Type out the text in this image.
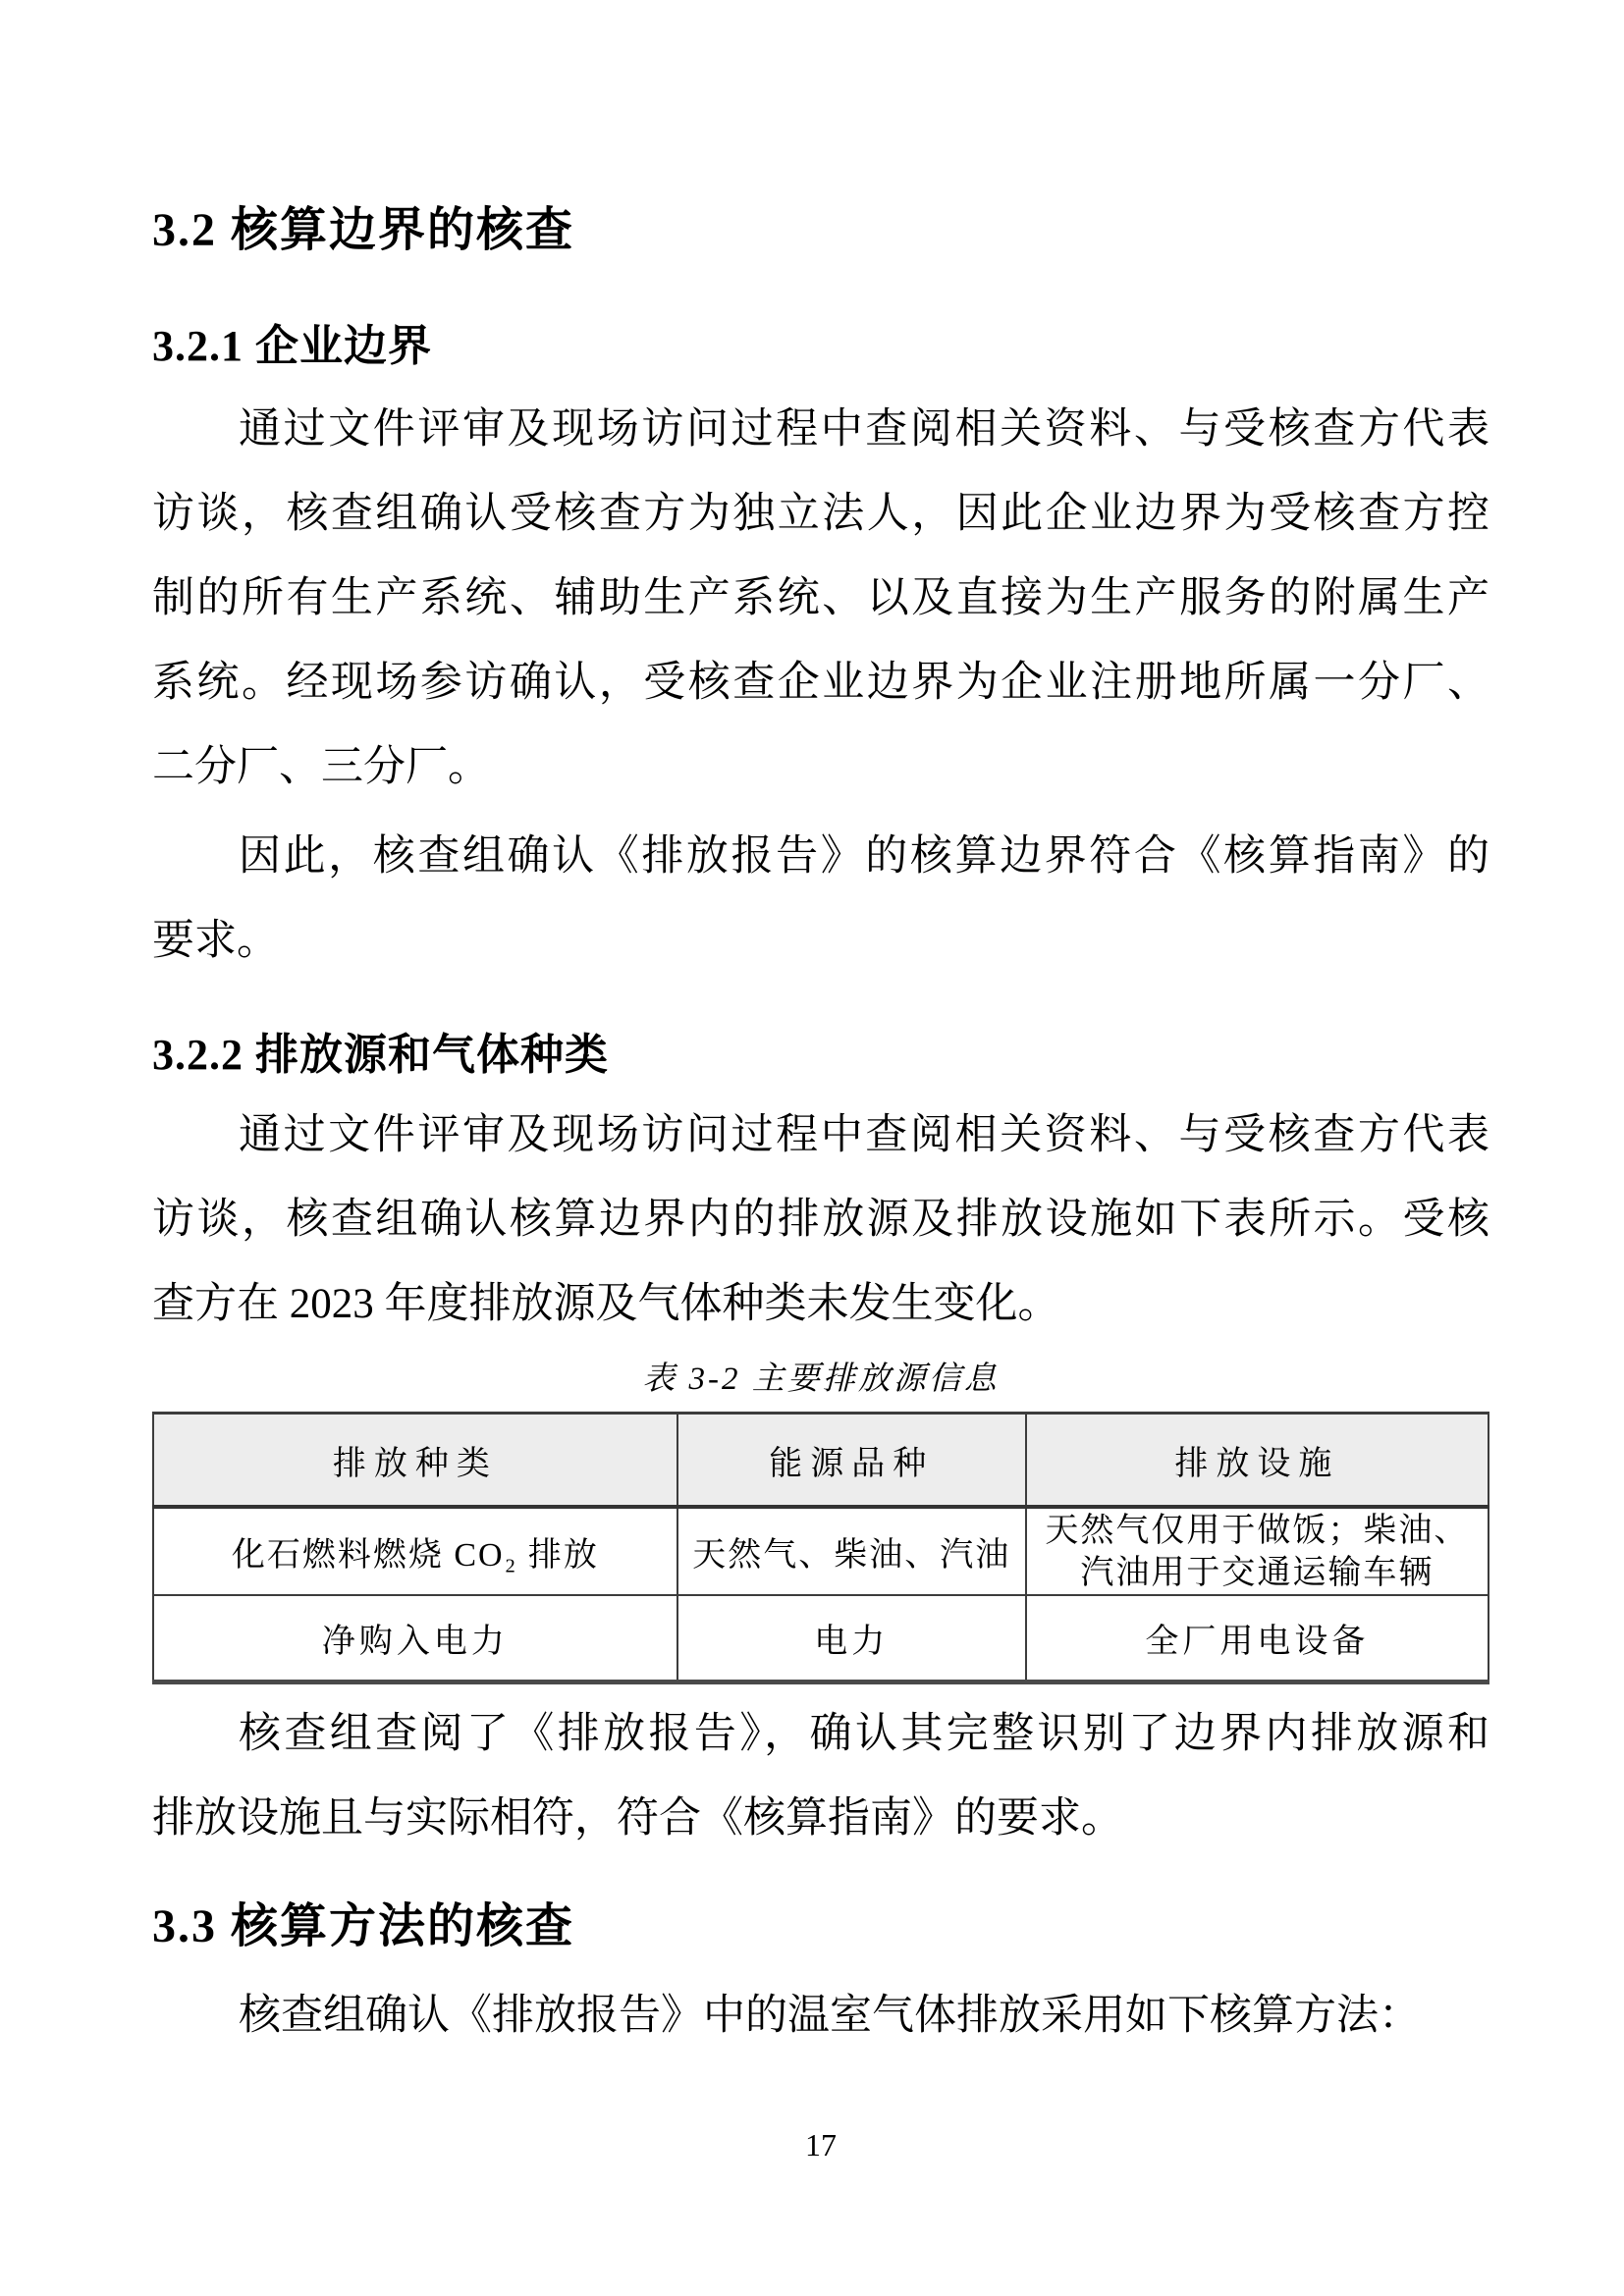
3.2 核算边界的核查
3.2.1 企业边界
通过文件评审及现场访问过程中查阅相关资料、与受核查方代表
访谈，核查组确认受核查方为独立法人，因此企业边界为受核查方控
制的所有生产系统、辅助生产系统、以及直接为生产服务的附属生产
系统。经现场参访确认，受核查企业边界为企业注册地所属一分厂、
二分厂、三分厂。
因此，核查组确认《排放报告》的核算边界符合《核算指南》的
要求。
3.2.2 排放源和气体种类
通过文件评审及现场访问过程中查阅相关资料、与受核查方代表
访谈，核查组确认核算边界内的排放源及排放设施如下表所示。受核
查方在 2023 年度排放源及气体种类未发生变化。
表 3-2 主要排放源信息
排放种类	能源品种	排放设施
化石燃料燃烧 CO₂ 排放	天然气、柴油、汽油	天然气仅用于做饭；柴油、
汽油用于交通运输车辆

净购入电力	电力	全厂用电设备
核查组查阅了《排放报告》，确认其完整识别了边界内排放源和
排放设施且与实际相符，符合《核算指南》的要求。
3.3 核算方法的核查
核查组确认《排放报告》中的温室气体排放采用如下核算方法：
17
